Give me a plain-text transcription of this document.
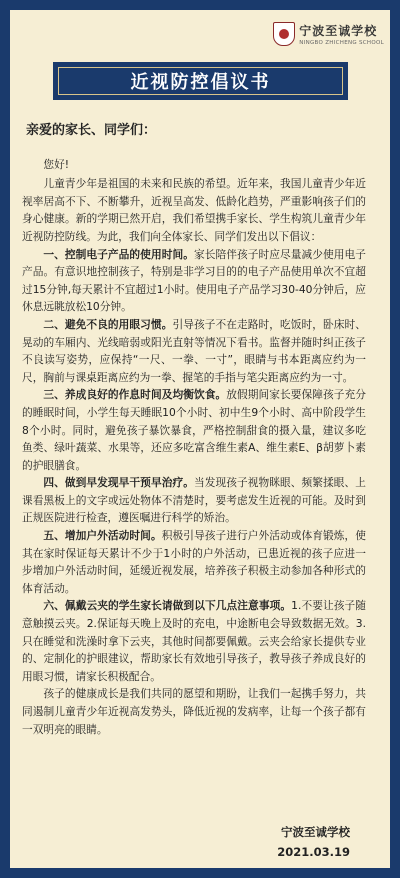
宁波至诚学校
NINGBO ZHICHENG SCHOOL
近视防控倡议书
亲爱的家长、同学们：

您好!

儿童青少年是祖国的未来和民族的希望。近年来，我国儿童青少年近视率居高不下、不断攀升，近视呈高发、低龄化趋势，严重影响孩子们的身心健康。新的学期已然开启，我们希望携手家长、学生构筑儿童青少年近视防控防线。为此，我们向全体家长、同学们发出以下倡议：

一、控制电子产品的使用时间。家长陪伴孩子时应尽量减少使用电子产品。有意识地控制孩子，特别是非学习目的的电子产品使用单次不宜超过15分钟,每天累计不宜超过1小时。使用电子产品学习30-40分钟后，应休息远眺放松10分钟。

二、避免不良的用眼习惯。引导孩子不在走路时，吃饭时，卧床时、晃动的车厢内、光线暗弱或阳光直射等情况下看书。监督并随时纠正孩子不良读写姿势，应保持“一尺、一拳、一寸”，眼睛与书本距离应约为一尺，胸前与课桌距离应约为一拳、握笔的手指与笔尖距离应约为一寸。

三、养成良好的作息时间及均衡饮食。放假期间家长要保障孩子充分的睡眠时间，小学生每天睡眠10个小时、初中生9个小时、高中阶段学生8个小时。同时，避免孩子暴饮暴食，严格控制甜食的摄入量，建议多吃鱼类、绿叶蔬菜、水果等，还应多吃富含维生素A、维生素E、β胡萝卜素的护眼膳食。

四、做到早发现早干预早治疗。当发现孩子视物眯眼、频繁揉眼、上课看黑板上的文字或远处物体不清楚时，要考虑发生近视的可能。及时到正规医院进行检查，遵医嘱进行科学的矫治。

五、增加户外活动时间。积极引导孩子进行户外活动或体育锻炼，使其在家时保证每天累计不少于1小时的户外活动，已患近视的孩子应进一步增加户外活动时间，延缓近视发展，培养孩子积极主动参加各种形式的体育活动。

六、佩戴云夹的学生家长请做到以下几点注意事项。1.不要让孩子随意触摸云夹。2.保证每天晚上及时的充电，中途断电会导致数据无效。3.只在睡觉和洗澡时拿下云夹，其他时间都要佩戴。云夹会给家长提供专业的、定制化的护眼建议，帮助家长有效地引导孩子，教导孩子养成良好的用眼习惯，请家长积极配合。

孩子的健康成长是我们共同的愿望和期盼，让我们一起携手努力，共同遏制儿童青少年近视高发势头，降低近视的发病率，让每一个孩子都有一双明亮的眼睛。

宁波至诚学校
2021.03.19
